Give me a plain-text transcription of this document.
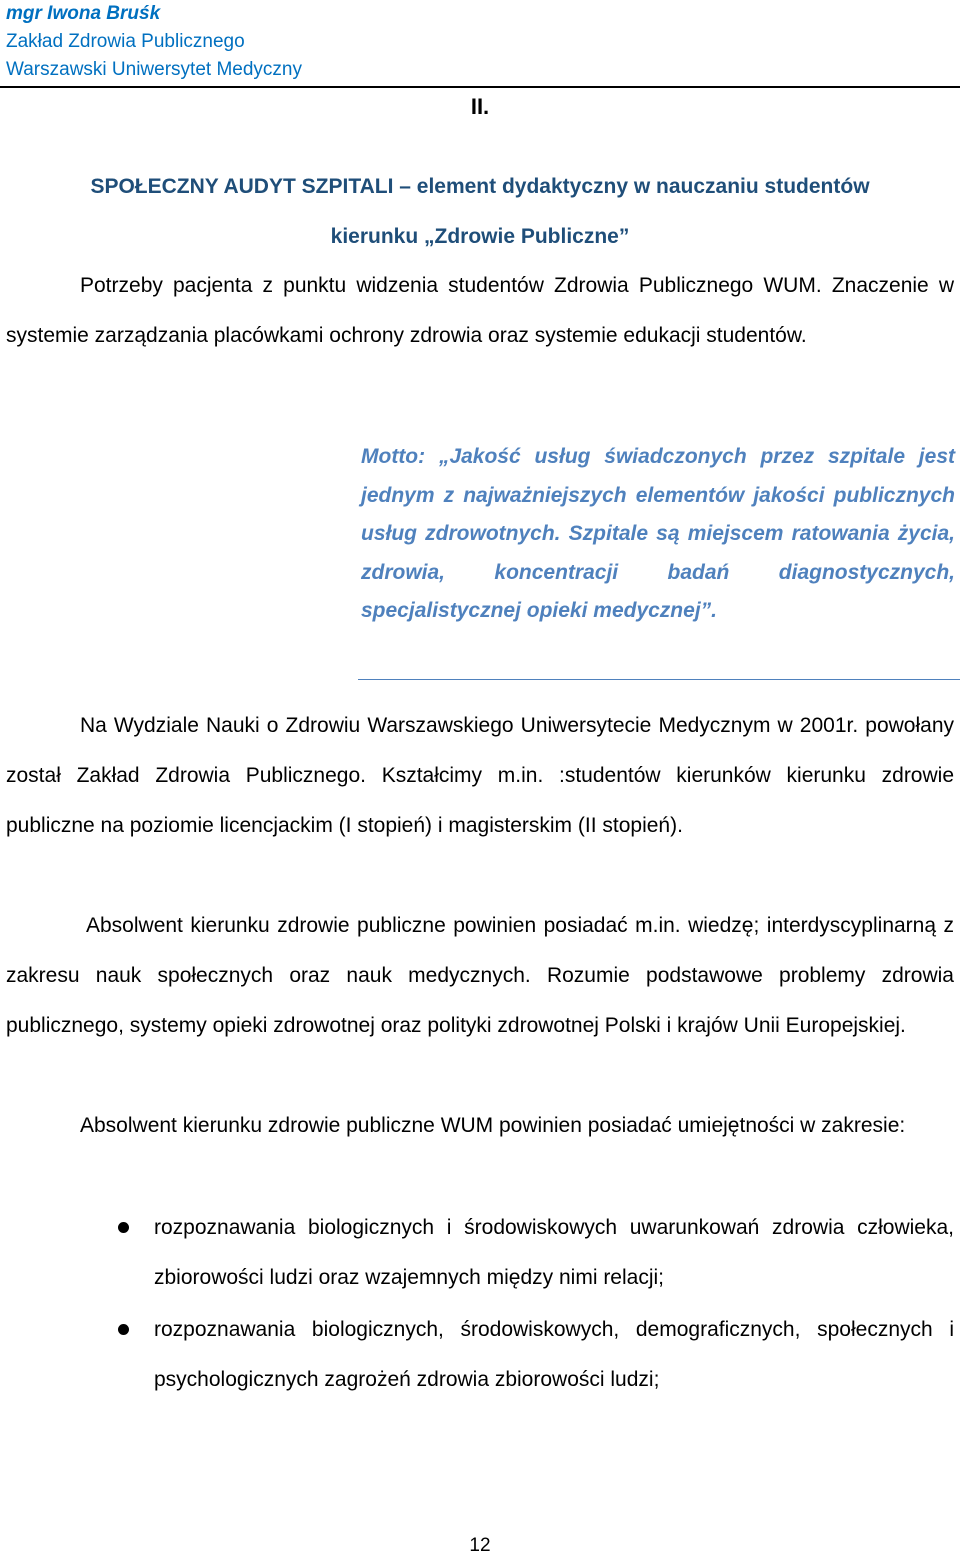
mgr Iwona Bruśk
Zakład Zdrowia Publicznego
Warszawski Uniwersytet Medyczny
II.
SPOŁECZNY AUDYT SZPITALI – element dydaktyczny w nauczaniu studentów
kierunku „Zdrowie Publiczne”

Potrzeby pacjenta z punktu widzenia studentów Zdrowia Publicznego WUM. Znaczenie w systemie zarządzania placówkami ochrony zdrowia oraz systemie edukacji studentów.

Motto: „Jakość usług świadczonych przez szpitale jest jednym z najważniejszych elementów jakości publicznych usług zdrowotnych. Szpitale są miejscem ratowania życia, zdrowia, koncentracji badań diagnostycznych, specjalistycznej opieki medycznej”.

Na Wydziale Nauki o Zdrowiu Warszawskiego Uniwersytecie Medycznym w 2001r. powołany został Zakład Zdrowia Publicznego. Kształcimy m.in. :studentów kierunków kierunku zdrowie publiczne na poziomie licencjackim (I stopień) i magisterskim (II stopień).

Absolwent kierunku zdrowie publiczne powinien posiadać m.in. wiedzę; interdyscyplinarną z zakresu nauk społecznych oraz nauk medycznych. Rozumie podstawowe problemy zdrowia publicznego, systemy opieki zdrowotnej oraz polityki zdrowotnej Polski i krajów Unii Europejskiej.

Absolwent kierunku zdrowie publiczne WUM powinien posiadać umiejętności w zakresie:

rozpoznawania biologicznych i środowiskowych uwarunkowań zdrowia człowieka, zbiorowości ludzi oraz wzajemnych między nimi relacji;
rozpoznawania biologicznych, środowiskowych, demograficznych, społecznych i psychologicznych zagrożeń zdrowia zbiorowości ludzi;
12
